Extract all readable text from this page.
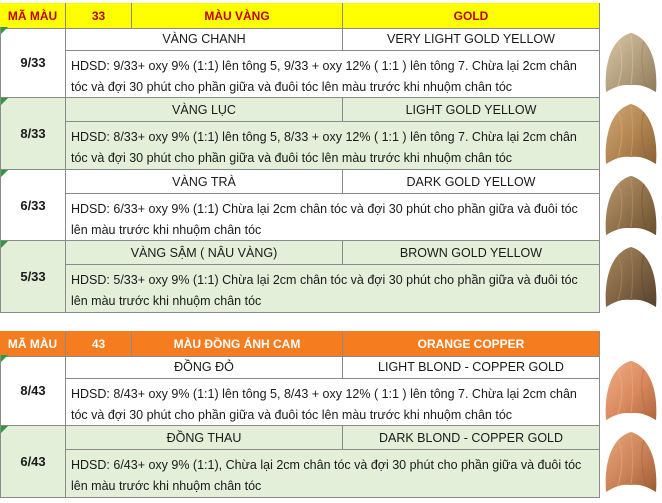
MÃ MÀU	33	MÀU VÀNG	GOLD
9/33
VÀNG CHANH	VERY LIGHT GOLD YELLOW
HDSD: 9/33+ oxy 9% (1:1) lên tông 5, 9/33 + oxy 12% ( 1:1 ) lên tông 7. Chừa lại 2cm chân tóc và đợi 30 phút cho phần giữa và đuôi tóc lên màu trước khi nhuộm chân tóc
8/33
VÀNG LỤC	LIGHT GOLD YELLOW
HDSD: 8/33+ oxy 9% (1:1) lên tông 5, 8/33 + oxy 12% ( 1:1 ) lên tông 7. Chừa lại 2cm chân tóc và đợi 30 phút cho phần giữa và đuôi tóc lên màu trước khi nhuộm chân tóc
6/33
VÀNG TRÀ	DARK GOLD YELLOW
HDSD: 6/33+ oxy 9% (1:1) Chừa lại 2cm chân tóc và đợi 30 phút cho phần giữa và đuôi tóc lên màu trước khi nhuộm chân tóc
5/33
VÀNG SẬM ( NÂU VÀNG)	BROWN GOLD YELLOW
HDSD: 5/33+ oxy 9% (1:1) Chừa lại 2cm chân tóc và đợi 30 phút cho phần giữa và đuôi tóc lên màu trước khi nhuộm chân tóc
MÃ MÀU	43	MÀU ĐỒNG ÁNH CAM	ORANGE COPPER
8/43
ĐỒNG ĐỎ	LIGHT BLOND - COPPER GOLD
HDSD: 8/43+ oxy 9% (1:1) lên tông 5, 8/43 + oxy 12% ( 1:1 ) lên tông 7. Chừa lại 2cm chân tóc và đợi 30 phút cho phần giữa và đuôi tóc lên màu trước khi nhuộm chân tóc
6/43
ĐỒNG THAU	DARK BLOND - COPPER GOLD
HDSD: 6/43+ oxy 9% (1:1), Chừa lại 2cm chân tóc và đợi 30 phút cho phần giữa và đuôi tóc lên màu trước khi nhuộm chân tóc
